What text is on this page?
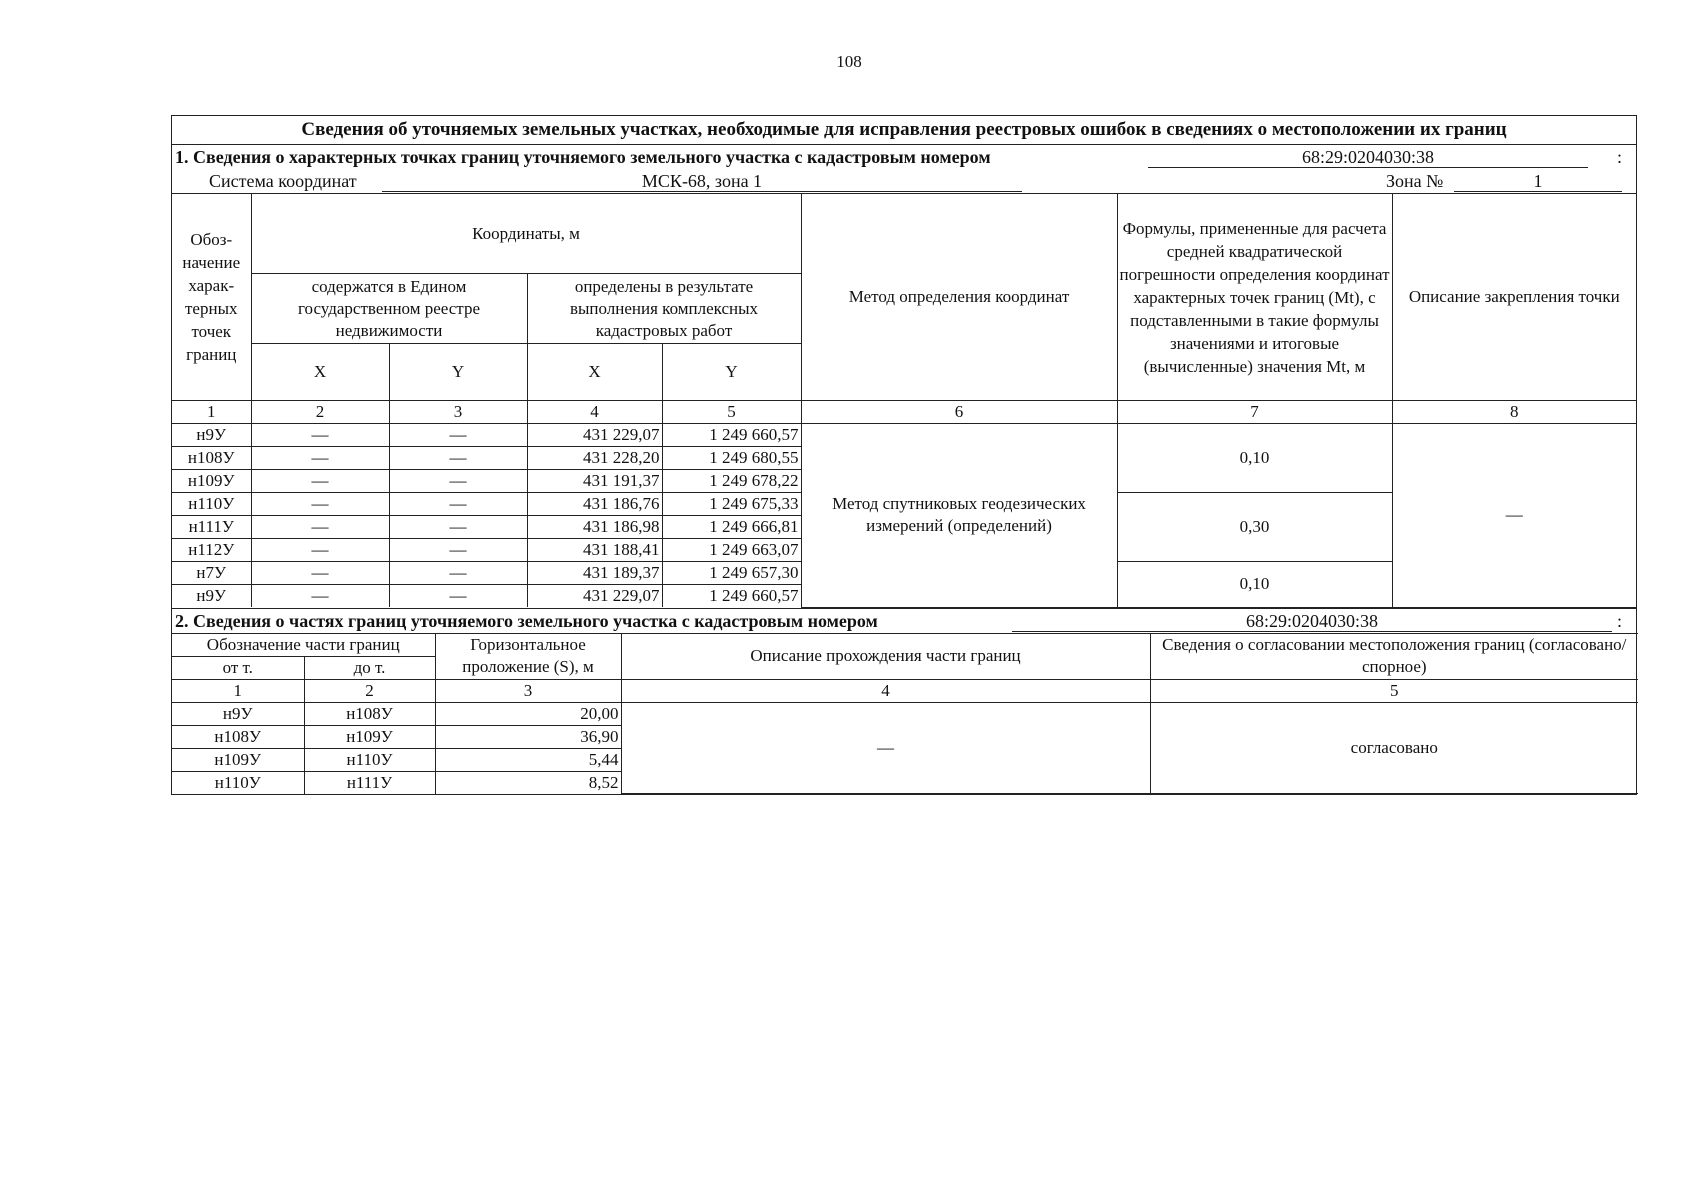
108
Сведения об уточняемых земельных участках, необходимые для исправления реестровых ошибок в сведениях о местоположении их границ
1. Сведения о характерных точках границ уточняемого земельного участка с кадастровым номером	68:29:0204030:38	:
Система координат	МСК-68, зона 1	Зона №	1
Обоз-начение харак-терных точек границ	Координаты, м				Метод определения координат	Формулы, примененные для расчета средней квадратической погрешности определения координат характерных точек границ (Mt), с подставленными в такие формулы значениями и итоговые (вычисленные) значения Mt, м	Описание закрепления точки
	содержатся в Едином государственном реестре недвижимости		определены в результате выполнения комплексных кадастровых работ				
	X	Y	X	Y			
1	2	3	4	5	6	7	8
н9У	—	—	431 229,07	1 249 660,57	Метод спутниковых геодезических измерений (определений)	0,10	—
н108У	—	—	431 228,20	1 249 680,55			
н109У	—	—	431 191,37	1 249 678,22			
н110У	—	—	431 186,76	1 249 675,33		0,30	
н111У	—	—	431 186,98	1 249 666,81			
н112У	—	—	431 188,41	1 249 663,07			
н7У	—	—	431 189,37	1 249 657,30		0,10	
н9У	—	—	431 229,07	1 249 660,57			
2. Сведения о частях границ уточняемого земельного участка с кадастровым номером	68:29:0204030:38	:
Обозначение части границ		Горизонтальное проложение (S), м	Описание прохождения части границ	Сведения о согласовании местоположения границ (согласовано/спорное)
от т.	до т.			
1	2	3	4	5
н9У	н108У	20,00	—	согласовано
н108У	н109У	36,90		
н109У	н110У	5,44		
н110У	н111У	8,52		
